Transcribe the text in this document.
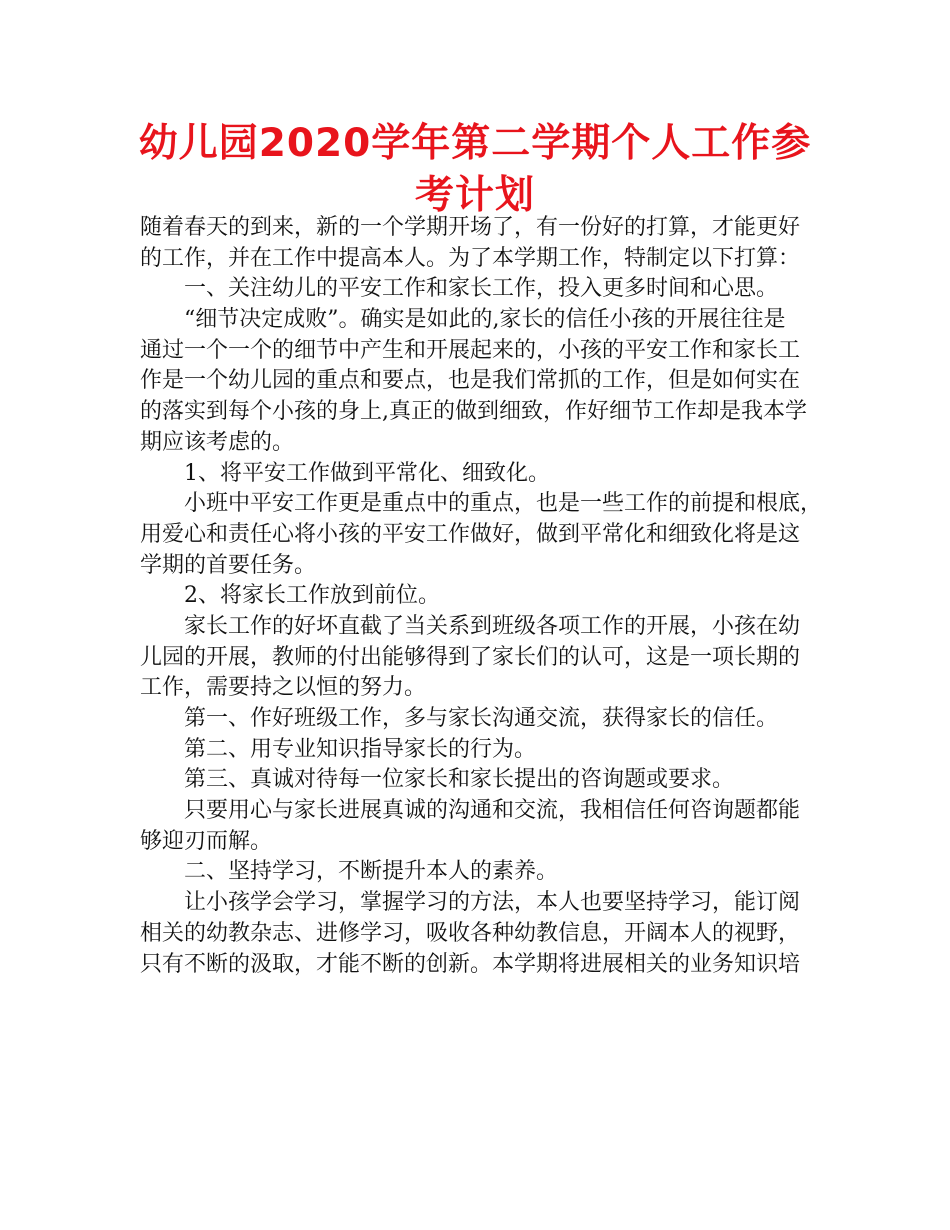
幼儿园2020学年第二学期个人工作参考计划
随着春天的到来，新的一个学期开场了，有一份好的打算，才能更好
的工作，并在工作中提高本人。为了本学期工作，特制定以下打算：
一、关注幼儿的平安工作和家长工作，投入更多时间和心思。
“细节决定成败”。确实是如此的,家长的信任小孩的开展往往是
通过一个一个的细节中产生和开展起来的，小孩的平安工作和家长工
作是一个幼儿园的重点和要点，也是我们常抓的工作，但是如何实在
的落实到每个小孩的身上,真正的做到细致，作好细节工作却是我本学
期应该考虑的。
1、将平安工作做到平常化、细致化。
小班中平安工作更是重点中的重点，也是一些工作的前提和根底，
用爱心和责任心将小孩的平安工作做好，做到平常化和细致化将是这
学期的首要任务。
2、将家长工作放到前位。
家长工作的好坏直截了当关系到班级各项工作的开展，小孩在幼
儿园的开展，教师的付出能够得到了家长们的认可，这是一项长期的
工作，需要持之以恒的努力。
第一、作好班级工作，多与家长沟通交流，获得家长的信任。
第二、用专业知识指导家长的行为。
第三、真诚对待每一位家长和家长提出的咨询题或要求。
只要用心与家长进展真诚的沟通和交流，我相信任何咨询题都能
够迎刃而解。
二、坚持学习，不断提升本人的素养。
让小孩学会学习，掌握学习的方法，本人也要坚持学习，能订阅
相关的幼教杂志、进修学习，吸收各种幼教信息，开阔本人的视野，
只有不断的汲取，才能不断的创新。本学期将进展相关的业务知识培
